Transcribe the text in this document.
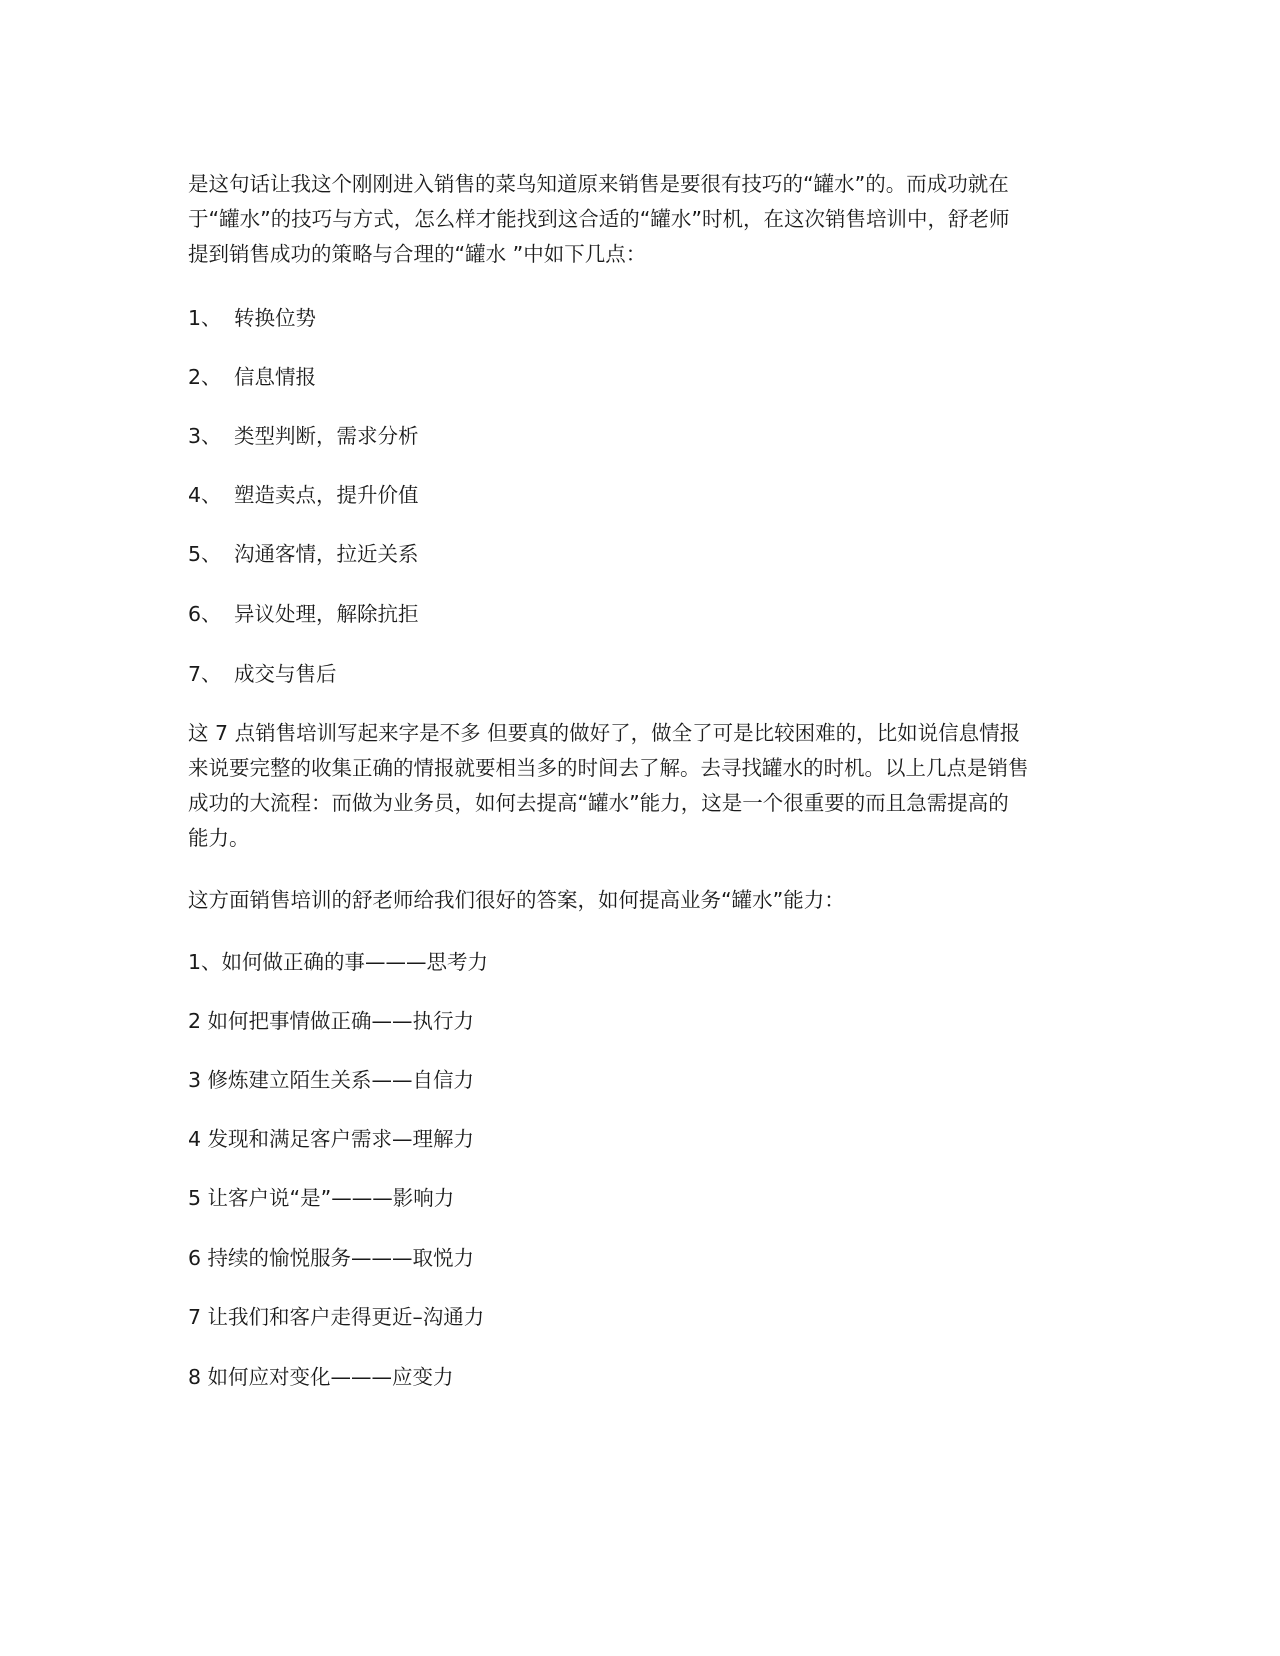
是这句话让我这个刚刚进入销售的菜鸟知道原来销售是要很有技巧的“罐水”的。而成功就在
于“罐水”的技巧与方式，怎么样才能找到这合适的“罐水”时机，在这次销售培训中，舒老师
提到销售成功的策略与合理的“罐水 ”中如下几点：

1、 转换位势
2、 信息情报
3、 类型判断，需求分析
4、 塑造卖点，提升价值
5、 沟通客情，拉近关系
6、 异议处理，解除抗拒
7、 成交与售后

这 7 点销售培训写起来字是不多 但要真的做好了，做全了可是比较困难的，比如说信息情报
来说要完整的收集正确的情报就要相当多的时间去了解。去寻找罐水的时机。以上几点是销售
成功的大流程：而做为业务员，如何去提高“罐水”能力，这是一个很重要的而且急需提高的
能力。

这方面销售培训的舒老师给我们很好的答案，如何提高业务“罐水”能力：
1、如何做正确的事———思考力
2 如何把事情做正确——执行力
3 修炼建立陌生关系——自信力
4 发现和满足客户需求—理解力
5 让客户说“是”———影响力
6 持续的愉悦服务———取悦力
7 让我们和客户走得更近–沟通力
8 如何应对变化———应变力
